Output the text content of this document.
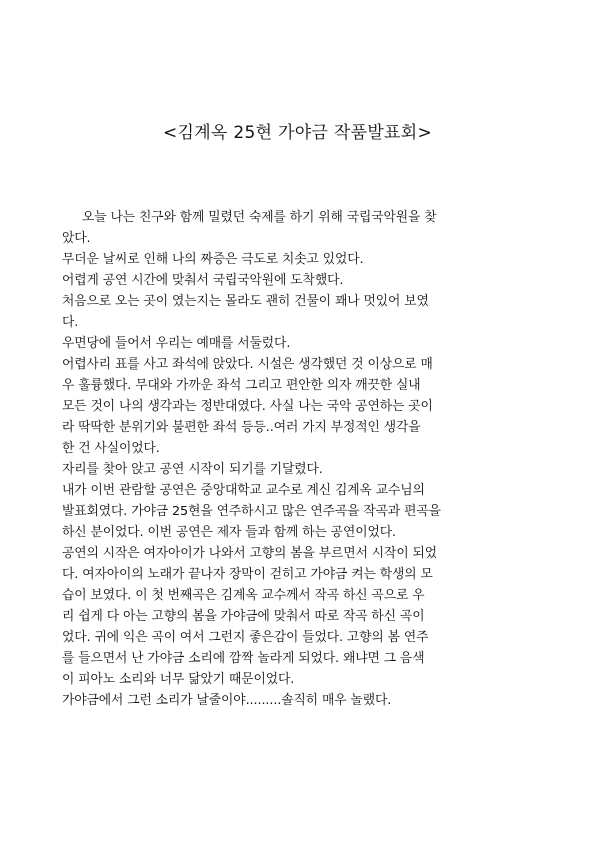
<김계옥 25현 가야금 작품발표회>
오늘 나는 친구와 함께 밀렸던 숙제를 하기 위해 국립국악원을 찾
았다.
무더운 날씨로 인해 나의 짜증은 극도로 치솟고 있었다.
어렵게 공연 시간에 맞춰서 국립국악원에 도착했다.
처음으로 오는 곳이 였는지는 몰라도 괜히 건물이 꽤나 멋있어 보였
다.
우면당에 들어서 우리는 예매를 서둘렀다.
어렵사리 표를 사고 좌석에 앉았다. 시설은 생각했던 것 이상으로 매
우 훌륭했다. 무대와 가까운 좌석 그리고 편안한 의자 깨끗한 실내
모든 것이 나의 생각과는 정반대였다. 사실 나는 국악 공연하는 곳이
라 딱딱한 분위기와 불편한 좌석 등등..여러 가지 부정적인 생각을
한 건 사실이었다.
자리를 찾아 앉고 공연 시작이 되기를 기달렸다.
내가 이번 관람할 공연은 중앙대학교 교수로 계신 김계옥 교수님의
발표회였다. 가야금 25현을 연주하시고 많은 연주곡을 작곡과 편곡을
하신 분이었다. 이번 공연은 제자 들과 함께 하는 공연이었다.
공연의 시작은 여자아이가 나와서 고향의 봄을 부르면서 시작이 되었
다. 여자아이의 노래가 끝나자 장막이 걷히고 가야금 켜는 학생의 모
습이 보였다. 이 첫 번째곡은 김계옥 교수께서 작곡 하신 곡으로 우
리 쉽게 다 아는 고향의 봄을 가야금에 맞춰서 따로 작곡 하신 곡이
었다. 귀에 익은 곡이 여서 그런지 좋은감이 들었다. 고향의 봄 연주
를 들으면서 난 가야금 소리에 깜짝 놀라게 되었다. 왜냐면 그 음색
이 피아노 소리와 너무 닮았기 때문이었다.
가야금에서 그런 소리가 날줄이야.........솔직히 매우 놀랬다.
